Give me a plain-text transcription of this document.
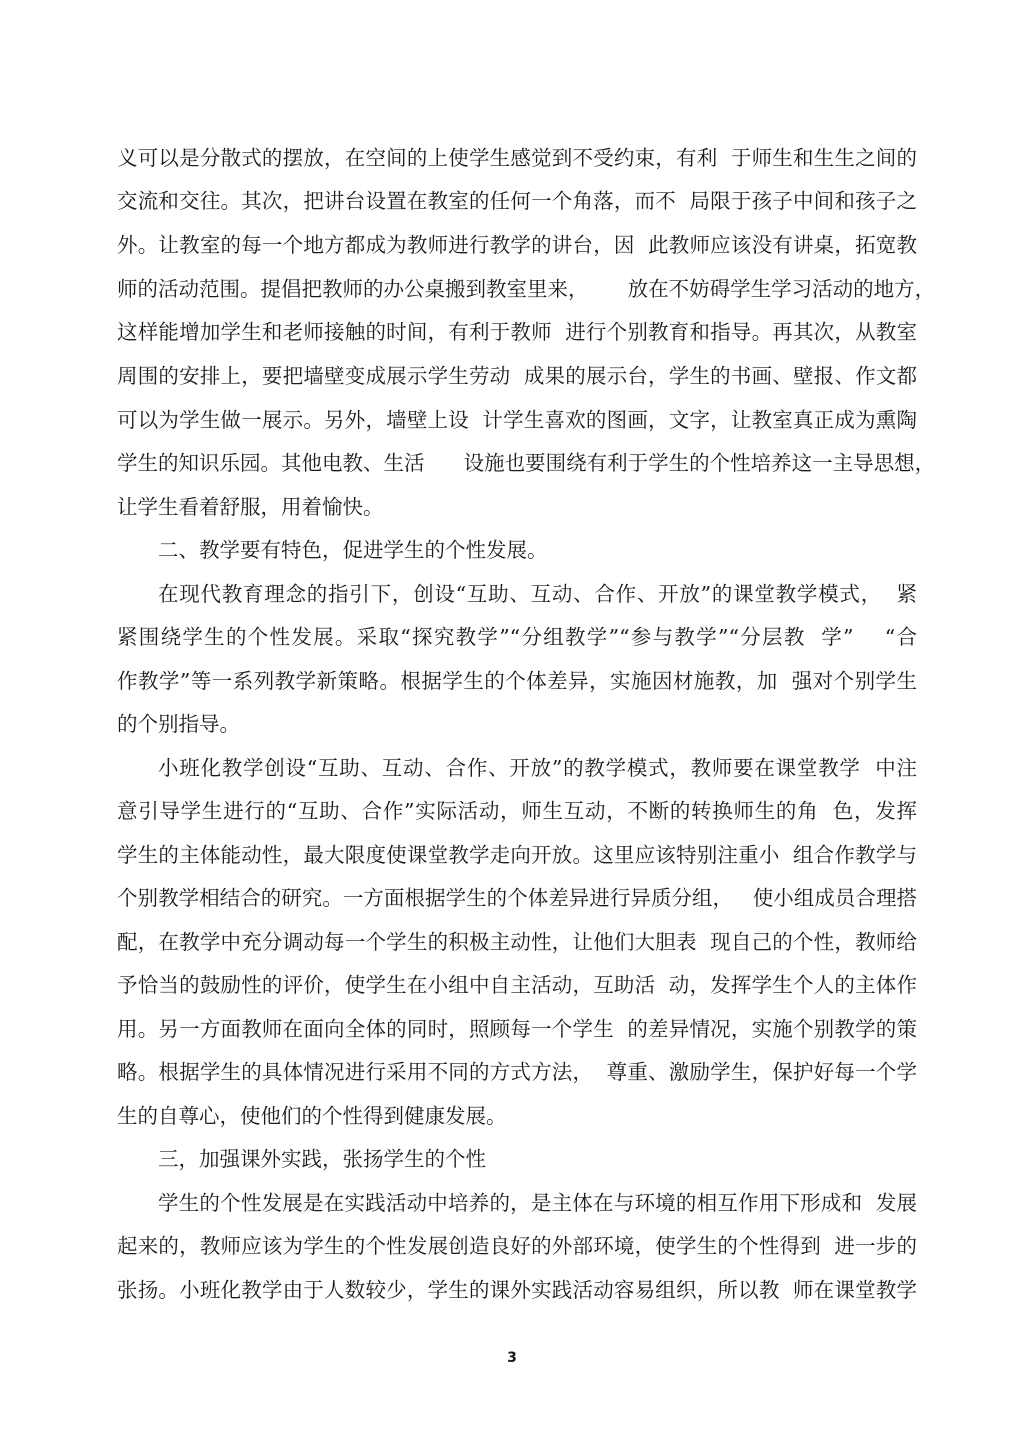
义可以是分散式的摆放，在空间的上使学生感觉到不受约束，有利  于师生和生生之间的
交流和交往。其次，把讲台设置在教室的任何一个角落，而不  局限于孩子中间和孩子之
外。让教室的每一个地方都成为教师进行教学的讲台，因  此教师应该没有讲桌，拓宽教
师的活动范围。提倡把教师的办公桌搬到教室里来，      放在不妨碍学生学习活动的地方，
这样能增加学生和老师接触的时间，有利于教师  进行个别教育和指导。再其次，从教室
周围的安排上，要把墙壁变成展示学生劳动  成果的展示台，学生的书画、壁报、作文都
可以为学生做一展示。另外，墙壁上设  计学生喜欢的图画，文字，让教室真正成为熏陶
学生的知识乐园。其他电教、生活      设施也要围绕有利于学生的个性培养这一主导思想，
让学生看着舒服，用着愉快。
二、教学要有特色，促进学生的个性发展。
在现代教育理念的指引下，创设“互助、互动、合作、开放”的课堂教学模式，  紧
紧围绕学生的个性发展。采取“探究教学”“分组教学”“参与教学”“分层教  学”    “合
作教学”等一系列教学新策略。根据学生的个体差异，实施因材施教，加  强对个别学生
的个别指导。
小班化教学创设“互助、互动、合作、开放”的教学模式，教师要在课堂教学  中注
意引导学生进行的“互助、合作”实际活动，师生互动，不断的转换师生的角  色，发挥
学生的主体能动性，最大限度使课堂教学走向开放。这里应该特别注重小  组合作教学与
个别教学相结合的研究。一方面根据学生的个体差异进行异质分组，   使小组成员合理搭
配，在教学中充分调动每一个学生的积极主动性，让他们大胆表  现自己的个性，教师给
予恰当的鼓励性的评价，使学生在小组中自主活动，互助活  动，发挥学生个人的主体作
用。另一方面教师在面向全体的同时，照顾每一个学生  的差异情况，实施个别教学的策
略。根据学生的具体情况进行采用不同的方式方法，  尊重、激励学生，保护好每一个学
生的自尊心，使他们的个性得到健康发展。
三，加强课外实践，张扬学生的个性
学生的个性发展是在实践活动中培养的，是主体在与环境的相互作用下形成和  发展
起来的，教师应该为学生的个性发展创造良好的外部环境，使学生的个性得到  进一步的
张扬。小班化教学由于人数较少，学生的课外实践活动容易组织，所以教  师在课堂教学
3
